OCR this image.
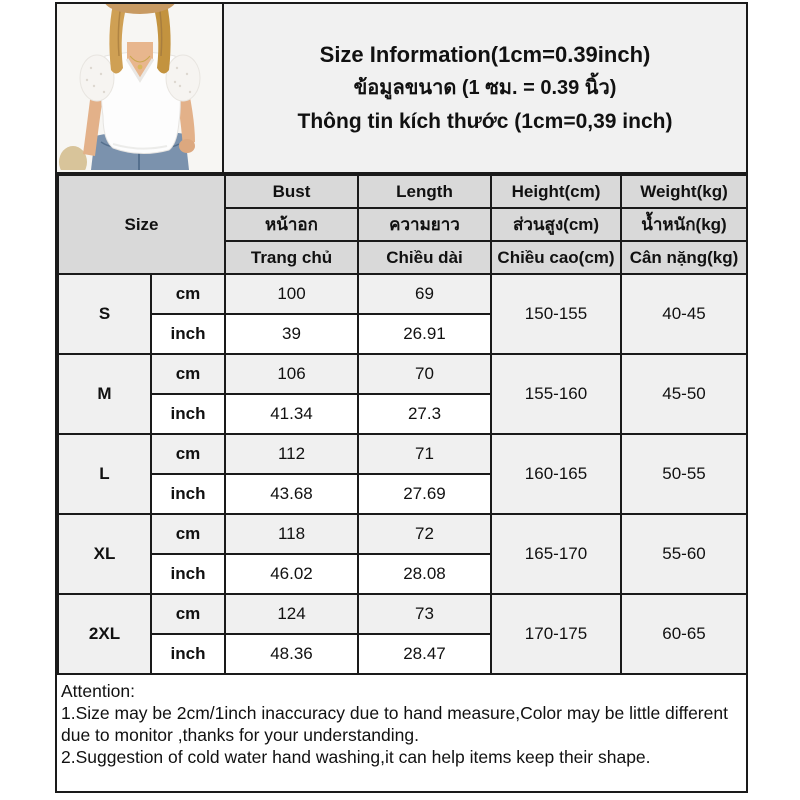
Size Information(1cm=0.39inch)
ข้อมูลขนาด (1 ซม. = 0.39 นิ้ว)
Thông tin kích thước (1cm=0,39 inch)
Size		Bust	Length	Height(cm)	Weight(kg)
		หน้าอก	ความยาว	ส่วนสูง(cm)	น้ำหนัก(kg)
		Trang chủ	Chiều dài	Chiều cao(cm)	Cân nặng(kg)
S	cm	100	69	150-155	40-45
	inch	39	26.91		
M	cm	106	70	155-160	45-50
	inch	41.34	27.3		
L	cm	112	71	160-165	50-55
	inch	43.68	27.69		
XL	cm	118	72	165-170	55-60
	inch	46.02	28.08		
2XL	cm	124	73	170-175	60-65
	inch	48.36	28.47		

Attention:

1.Size may be 2cm/1inch inaccuracy due to hand measure,Color may be little different due to monitor ,thanks for your understanding.

2.Suggestion of cold water hand washing,it can help items keep their shape.
